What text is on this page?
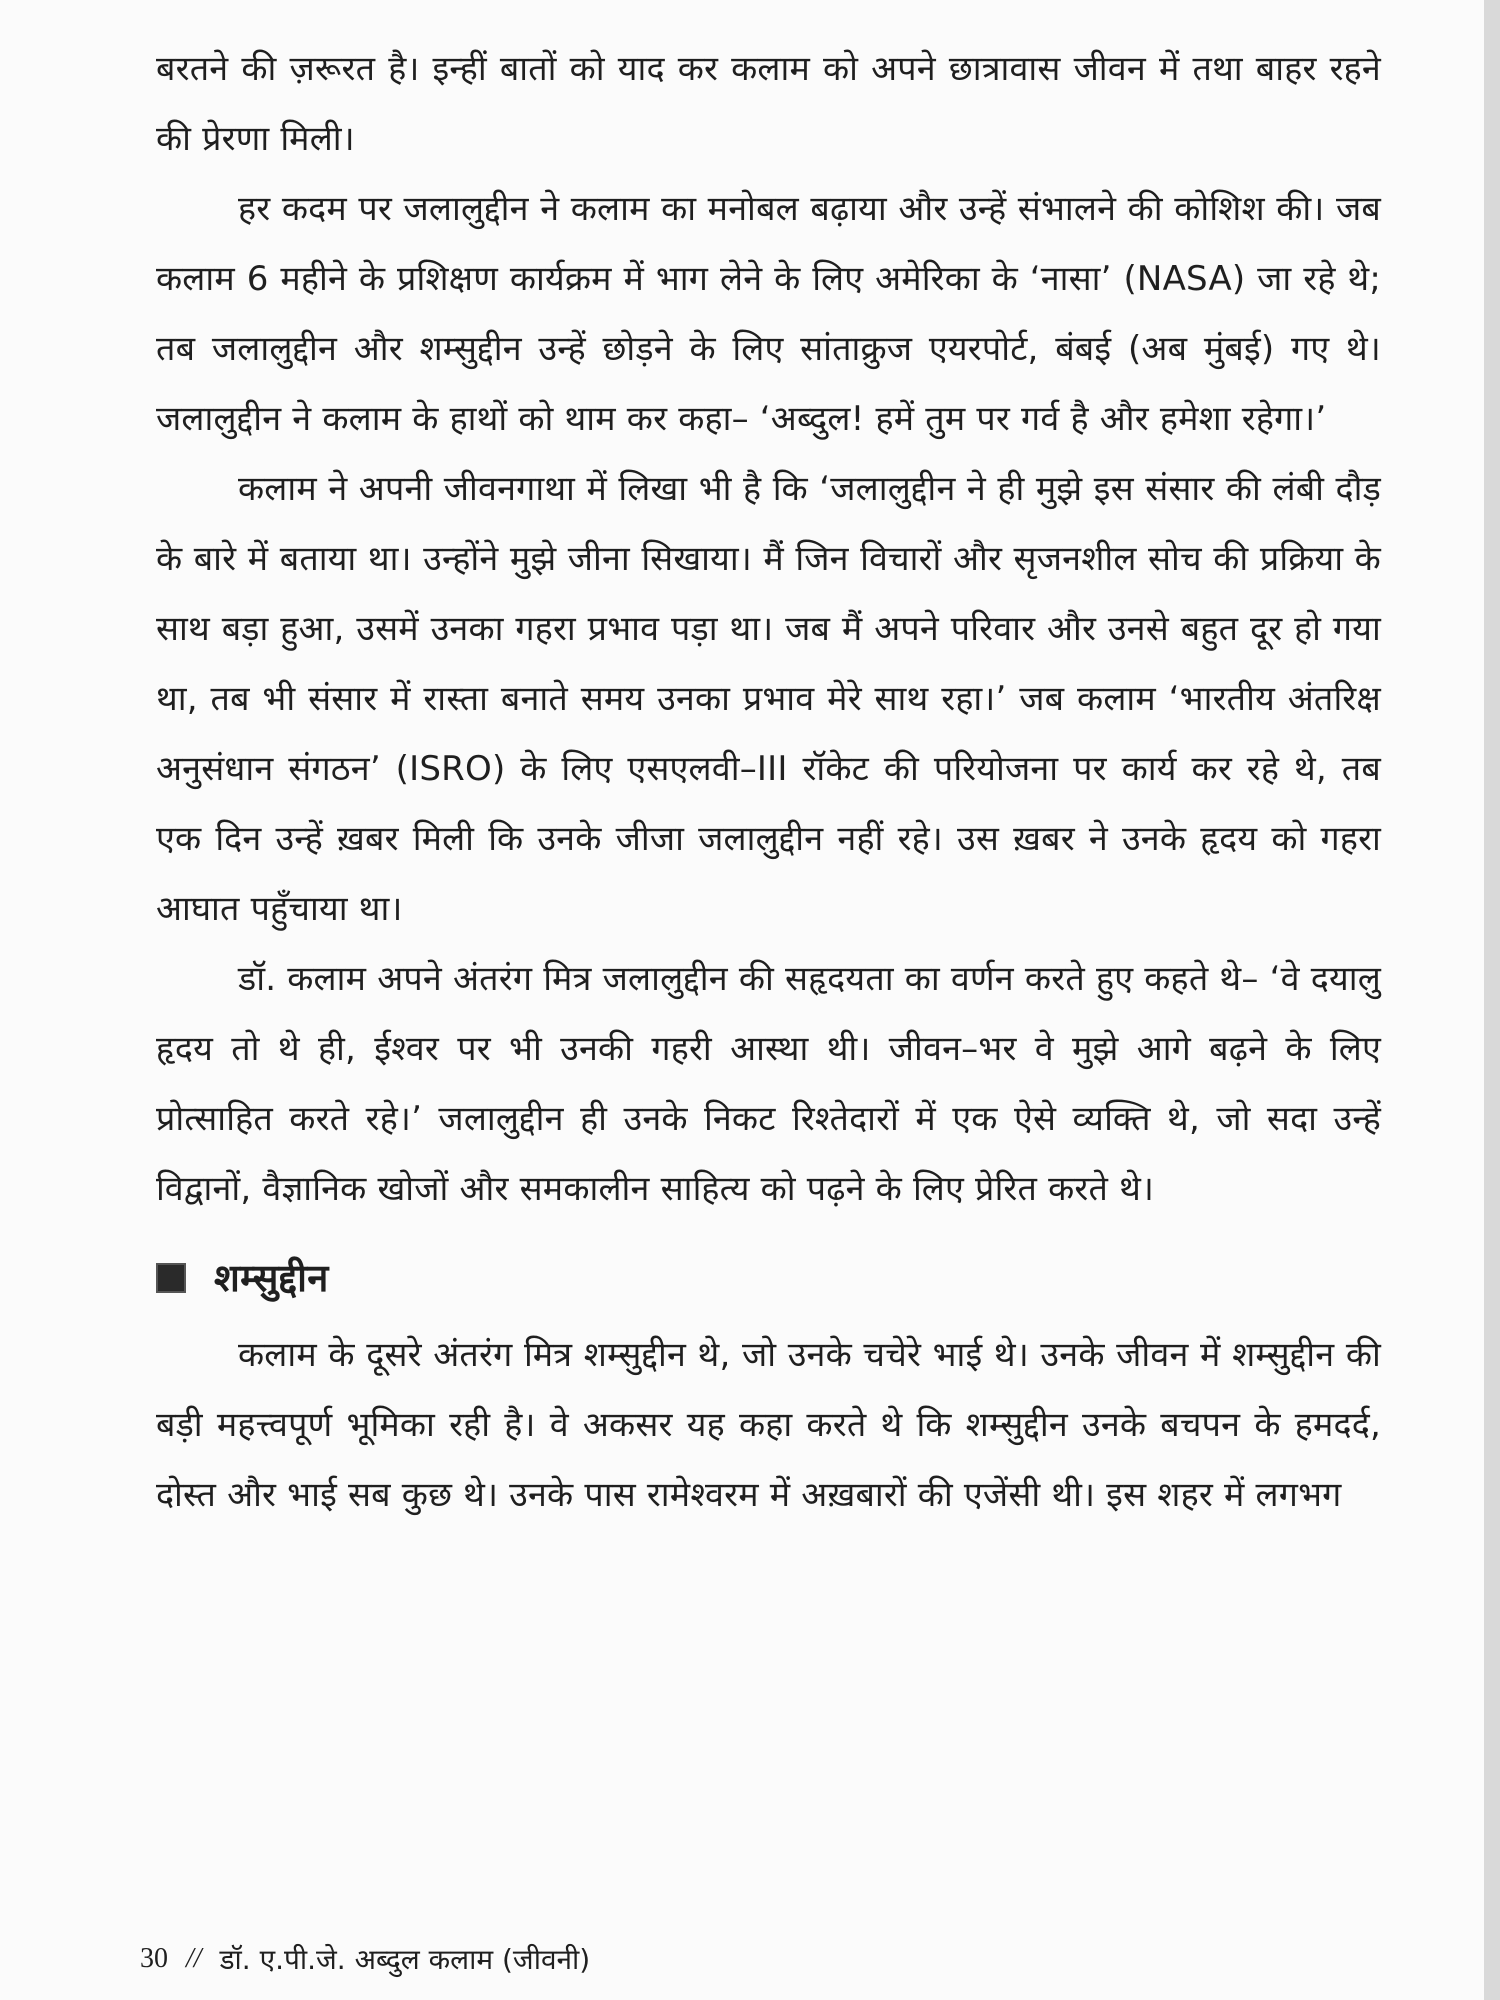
बरतने की ज़रूरत है। इन्हीं बातों को याद कर कलाम को अपने छात्रावास जीवन में तथा बाहर रहने की प्रेरणा मिली।

हर कदम पर जलालुद्दीन ने कलाम का मनोबल बढ़ाया और उन्हें संभालने की कोशिश की। जब कलाम 6 महीने के प्रशिक्षण कार्यक्रम में भाग लेने के लिए अमेरिका के ‘नासा’ (NASA) जा रहे थे; तब जलालुद्दीन और शम्सुद्दीन उन्हें छोड़ने के लिए सांताक्रुज एयरपोर्ट, बंबई (अब मुंबई) गए थे। जलालुद्दीन ने कलाम के हाथों को थाम कर कहा– ‘अब्दुल! हमें तुम पर गर्व है और हमेशा रहेगा।’

कलाम ने अपनी जीवनगाथा में लिखा भी है कि ‘जलालुद्दीन ने ही मुझे इस संसार की लंबी दौड़ के बारे में बताया था। उन्होंने मुझे जीना सिखाया। मैं जिन विचारों और सृजनशील सोच की प्रक्रिया के साथ बड़ा हुआ, उसमें उनका गहरा प्रभाव पड़ा था। जब मैं अपने परिवार और उनसे बहुत दूर हो गया था, तब भी संसार में रास्ता बनाते समय उनका प्रभाव मेरे साथ रहा।’ जब कलाम ‘भारतीय अंतरिक्ष अनुसंधान संगठन’ (ISRO) के लिए एसएलवी–III रॉकेट की परियोजना पर कार्य कर रहे थे, तब एक दिन उन्हें ख़बर मिली कि उनके जीजा जलालुद्दीन नहीं रहे। उस ख़बर ने उनके हृदय को गहरा आघात पहुँचाया था।

डॉ. कलाम अपने अंतरंग मित्र जलालुद्दीन की सहृदयता का वर्णन करते हुए कहते थे– ‘वे दयालु हृदय तो थे ही, ईश्वर पर भी उनकी गहरी आस्था थी। जीवन–भर वे मुझे आगे बढ़ने के लिए प्रोत्साहित करते रहे।’ जलालुद्दीन ही उनके निकट रिश्तेदारों में एक ऐसे व्यक्ति थे, जो सदा उन्हें विद्वानों, वैज्ञानिक खोजों और समकालीन साहित्य को पढ़ने के लिए प्रेरित करते थे।

शम्सुद्दीन

कलाम के दूसरे अंतरंग मित्र शम्सुद्दीन थे, जो उनके चचेरे भाई थे। उनके जीवन में शम्सुद्दीन की बड़ी महत्त्वपूर्ण भूमिका रही है। वे अकसर यह कहा करते थे कि शम्सुद्दीन उनके बचपन के हमदर्द, दोस्त और भाई सब कुछ थे। उनके पास रामेश्वरम में अख़बारों की एजेंसी थी। इस शहर में लगभग

30 // डॉ. ए.पी.जे. अब्दुल कलाम (जीवनी)
